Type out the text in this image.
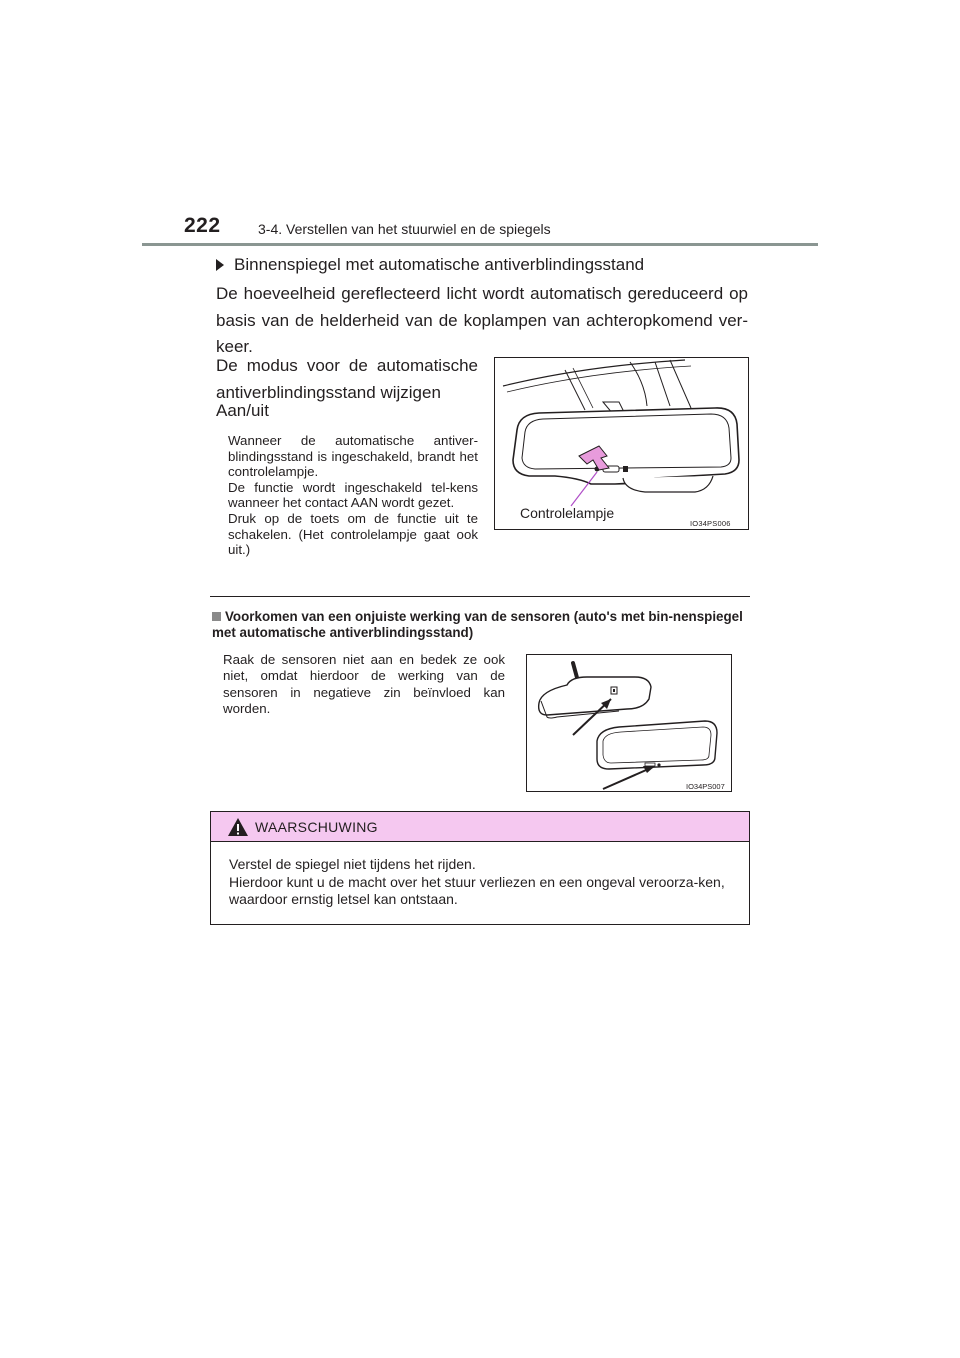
222	3-4. Verstellen van het stuurwiel en de spiegels
Binnenspiegel met automatische antiverblindingsstand
De hoeveelheid gereflecteerd licht wordt automatisch gereduceerd op basis van de helderheid van de koplampen van achteropkomend ver-keer.
De modus voor de automatische antiverblindingsstand wijzigen
Aan/uit
Wanneer de automatische antiver-blindingsstand is ingeschakeld, brandt het controlelampje.
De functie wordt ingeschakeld tel-kens wanneer het contact AAN wordt gezet.
Druk op de toets om de functie uit te schakelen. (Het controlelampje gaat ook uit.)
Controlelampje
IO34PS006
Voorkomen van een onjuiste werking van de sensoren (auto's met bin-nenspiegel met automatische antiverblindingsstand)
Raak de sensoren niet aan en bedek ze ook niet, omdat hierdoor de werking van de sensoren in negatieve zin beïnvloed kan worden.
IO34PS007
WAARSCHUWING
Verstel de spiegel niet tijdens het rijden.
Hierdoor kunt u de macht over het stuur verliezen en een ongeval veroorza-ken, waardoor ernstig letsel kan ontstaan.
